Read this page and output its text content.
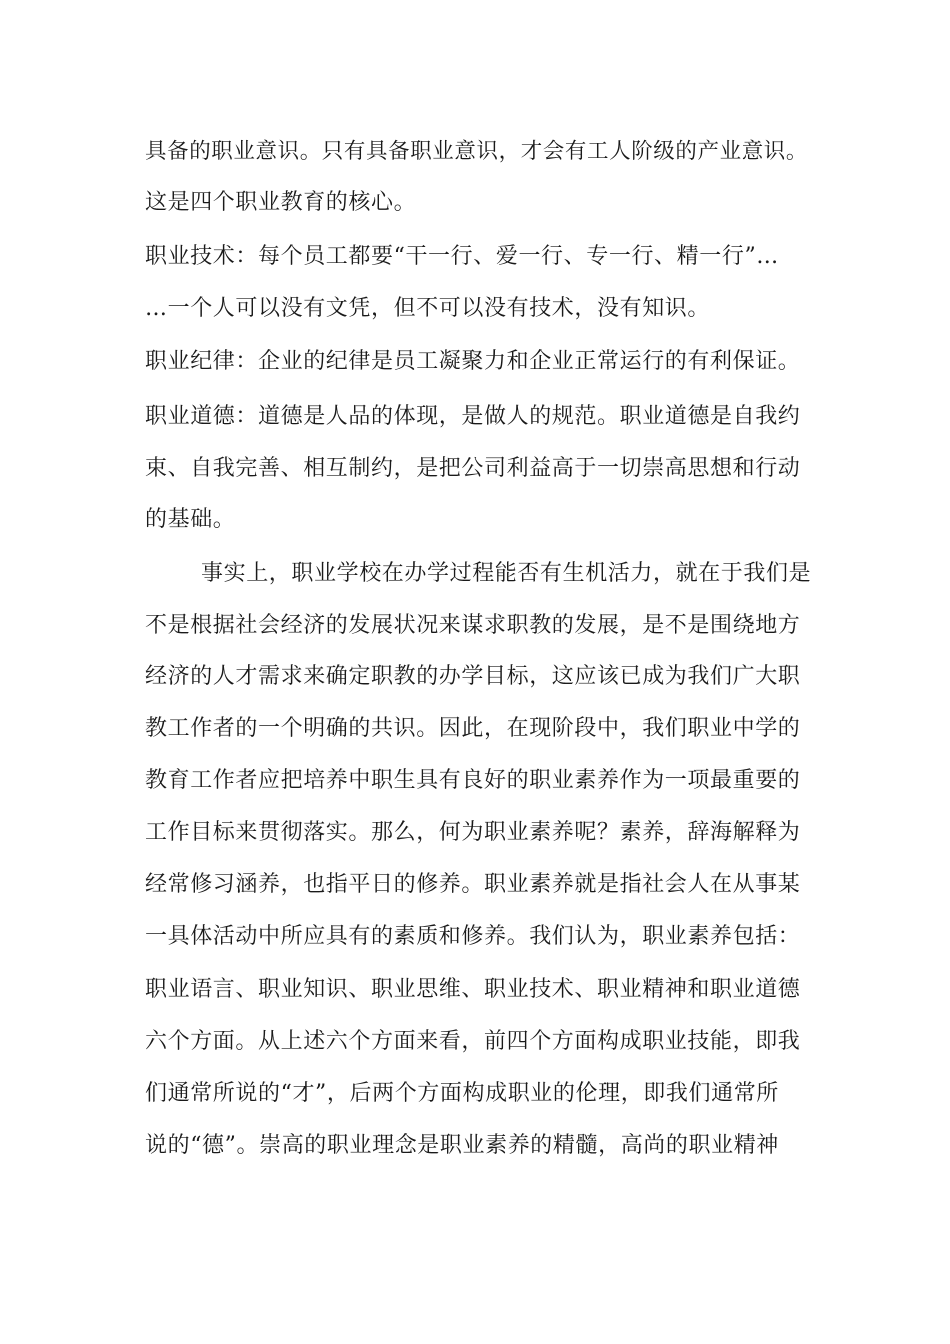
具备的职业意识。只有具备职业意识，才会有工人阶级的产业意识。
这是四个职业教育的核心。
职业技术：每个员工都要“干一行、爱一行、专一行、精一行”…
…一个人可以没有文凭，但不可以没有技术，没有知识。
职业纪律：企业的纪律是员工凝聚力和企业正常运行的有利保证。
职业道德：道德是人品的体现，是做人的规范。职业道德是自我约
束、自我完善、相互制约，是把公司利益高于一切崇高思想和行动
的基础。
事实上，职业学校在办学过程能否有生机活力，就在于我们是
不是根据社会经济的发展状况来谋求职教的发展，是不是围绕地方
经济的人才需求来确定职教的办学目标，这应该已成为我们广大职
教工作者的一个明确的共识。因此，在现阶段中，我们职业中学的
教育工作者应把培养中职生具有良好的职业素养作为一项最重要的
工作目标来贯彻落实。那么，何为职业素养呢？素养，辞海解释为
经常修习涵养，也指平日的修养。职业素养就是指社会人在从事某
一具体活动中所应具有的素质和修养。我们认为，职业素养包括：
职业语言、职业知识、职业思维、职业技术、职业精神和职业道德
六个方面。从上述六个方面来看，前四个方面构成职业技能，即我
们通常所说的“才”，后两个方面构成职业的伦理，即我们通常所
说的“德”。崇高的职业理念是职业素养的精髓，高尚的职业精神
